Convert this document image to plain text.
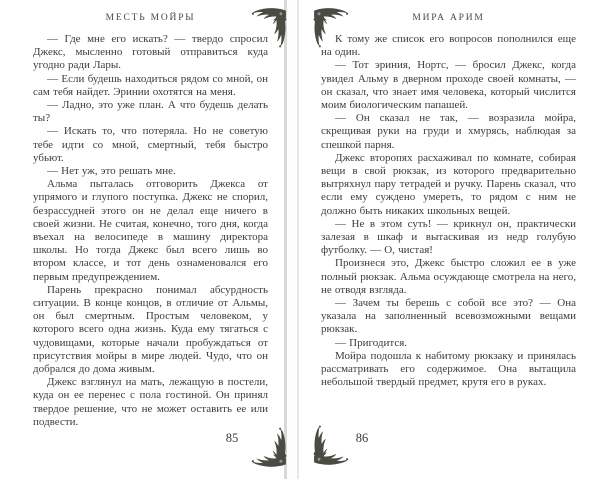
МЕСТЬ МОЙРЫ

— Где мне его искать? — твердо спросил Джекс, мысленно готовый отправиться куда угодно ради Лары.

— Если будешь находиться рядом со мной, он сам тебя найдет. Эринии охотятся на меня.

— Ладно, это уже план. А что будешь делать ты?

— Искать то, что потеряла. Но не советую тебе идти со мной, смертный, тебя быстро убьют.

— Нет уж, это решать мне.

Альма пыталась отговорить Джекса от упрямого и глупого поступка. Джекс не спорил, безрассудней этого он не делал еще ничего в своей жизни. Не считая, конечно, того дня, когда въехал на велосипеде в машину директора школы. Но тогда Джекс был всего лишь во втором классе, и тот день ознаменовался его первым предупреждением.

Парень прекрасно понимал абсурдность ситуации. В конце концов, в отличие от Альмы, он был смертным. Простым человеком, у которого всего одна жизнь. Куда ему тягаться с чудовищами, которые начали пробуждаться от присутствия мойры в мире людей. Чудо, что он добрался до дома живым.

Джекс взглянул на мать, лежащую в постели, куда он ее перенес с пола гостиной. Он принял твердое решение, что не может оставить ее или подвести.

МИРА АРИМ

К тому же список его вопросов пополнился еще на один.

— Тот эриния, Нортс, — бросил Джекс, когда увидел Альму в дверном проходе своей комнаты, — он сказал, что знает имя человека, который числится моим биологическим папашей.

— Он сказал не так, — возразила мойра, скрещивая руки на груди и хмурясь, наблюдая за спешкой парня.

Джекс второпях расхаживал по комнате, собирая вещи в свой рюкзак, из которого предварительно вытряхнул пару тетрадей и ручку. Парень сказал, что если ему суждено умереть, то рядом с ним не должно быть никаких школьных вещей.

— Не в этом суть! — крикнул он, практически залезая в шкаф и вытаскивая из недр голубую футболку. — О, чистая!

Произнеся это, Джекс быстро сложил ее в уже полный рюкзак. Альма осуждающе смотрела на него, не отводя взгляда.

— Зачем ты берешь с собой все это? — Она указала на заполненный всевозможными вещами рюкзак.

— Пригодится.

Мойра подошла к набитому рюкзаку и принялась рассматривать его содержимое. Она вытащила небольшой твердый предмет, крутя его в руках.

85	86
